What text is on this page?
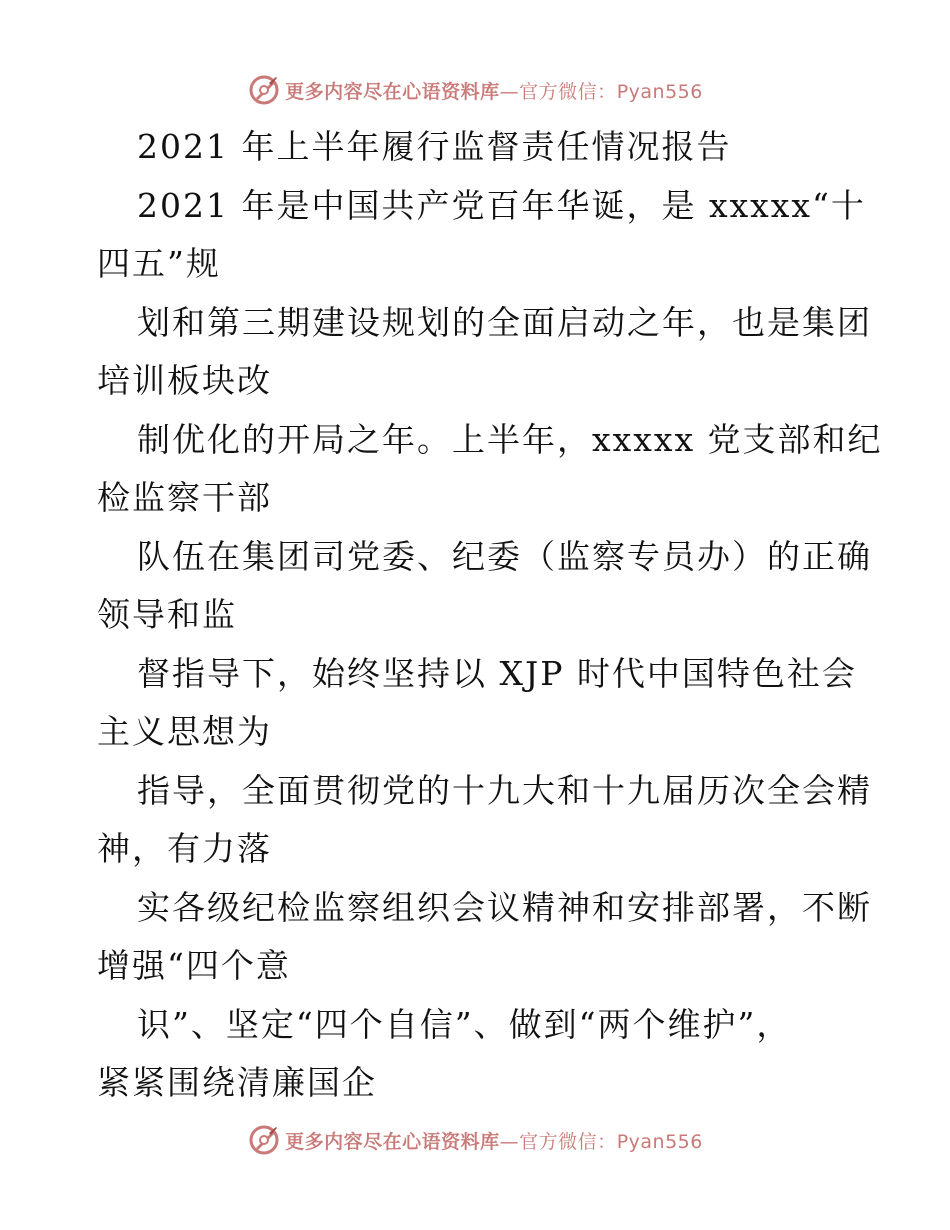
更多内容尽在心语资料库—官方微信：Pyan556
2021 年上半年履行监督责任情况报告
2021 年是中国共产党百年华诞，是 xxxxx“十
四五”规
划和第三期建设规划的全面启动之年，也是集团
培训板块改
制优化的开局之年。上半年，xxxxx 党支部和纪
检监察干部
队伍在集团司党委、纪委（监察专员办）的正确
领导和监
督指导下，始终坚持以 XJP 时代中国特色社会
主义思想为
指导，全面贯彻党的十九大和十九届历次全会精
神，有力落
实各级纪检监察组织会议精神和安排部署，不断
增强“四个意
识”、坚定“四个自信”、做到“两个维护”，
紧紧围绕清廉国企
更多内容尽在心语资料库—官方微信：Pyan556
